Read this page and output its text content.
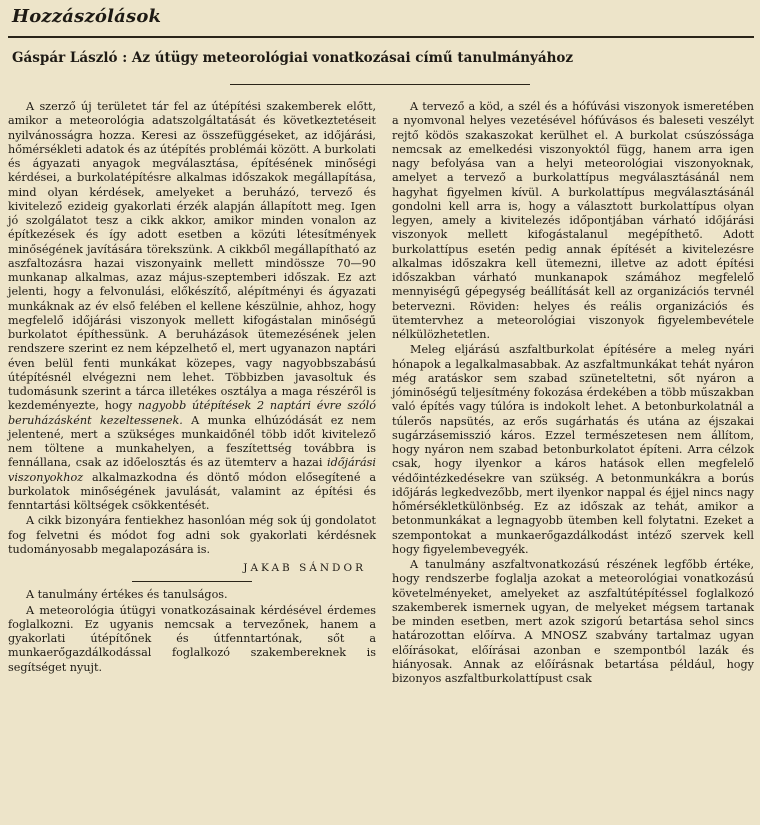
Hozzászólások
Gáspár László : Az útügy meteorológiai vonatkozásai című tanulmányához

A szerző új területet tár fel az útépítési szakemberek előtt, amikor a meteorológia adatszolgáltatását és következtetéseit nyilvánosságra hozza. Keresi az összefüggéseket, az időjárási, hőmérsékleti adatok és az útépítés problémái között. A burkolati és ágyazati anyagok megválasztása, építésének minőségi kérdései, a burkolatépítésre alkalmas időszakok megállapítása, mind olyan kérdések, amelyeket a beruházó, tervező és kivitelező ezideig gyakorlati érzék alapján állapított meg. Igen jó szolgálatot tesz a cikk akkor, amikor minden vonalon az építkezések és így adott esetben a közúti létesítmények minőségének javítására törekszünk. A cikkből megállapítható az aszfaltozásra hazai viszonyaink mellett mindössze 70—90 munkanap alkalmas, azaz május-szeptemberi időszak. Ez azt jelenti, hogy a felvonulási, előkészítő, alépítményi és ágyazati munkáknak az év első felében el kellene készülnie, ahhoz, hogy megfelelő időjárási viszonyok mellett kifogástalan minőségű burkolatot építhessünk. A beruházások ütemezésének jelen rendszere szerint ez nem képzelhető el, mert ugyanazon naptári éven belül fenti munkákat közepes, vagy nagyobbszabású útépítésnél elvégezni nem lehet. Többizben javasoltuk és tudomásunk szerint a tárca illetékes osztálya a maga részéről is kezdeményezte, hogy nagyobb útépítések 2 naptári évre szóló beruházásként kezeltessenek. A munka elhúzódását ez nem jelentené, mert a szükséges munkaidőnél több időt kivitelező nem töltene a munkahelyen, a feszítettség továbbra is fennállana, csak az időelosztás és az ütemterv a hazai időjárási viszonyokhoz alkalmazkodna és döntő módon elősegítené a burkolatok minőségének javulását, valamint az építési és fenntartási költségek csökkentését.

A cikk bizonyára fentiekhez hasonlóan még sok új gondolatot fog felvetni és módot fog adni sok gyakorlati kérdésnek tudományosabb megalapozására is.

JAKAB SÁNDOR

A tanulmány értékes és tanulságos.

A meteorológia útügyi vonatkozásainak kérdésével érdemes foglalkozni. Ez ugyanis nemcsak a tervezőnek, hanem a gyakorlati útépítőnek és útfenntartónak, sőt a munkaerőgazdálkodással foglalkozó szakembereknek is segítséget nyujt.

A tervező a köd, a szél és a hófúvási viszonyok ismeretében a nyomvonal helyes vezetésével hófúvásos és baleseti veszélyt rejtő ködös szakaszokat kerülhet el. A burkolat csúszóssága nemcsak az emelkedési viszonyoktól függ, hanem arra igen nagy befolyása van a helyi meteorológiai viszonyoknak, amelyet a tervező a burkolattípus megválasztásánál nem hagyhat figyelmen kívül. A burkolattípus megválasztásánál gondolni kell arra is, hogy a választott burkolattípus olyan legyen, amely a kivitelezés időpontjában várható időjárási viszonyok mellett kifogástalanul megépíthető. Adott burkolattípus esetén pedig annak építését a kivitelezésre alkalmas időszakra kell ütemezni, illetve az adott építési időszakban várható munkanapok számához megfelelő mennyiségű gépegység beállítását kell az organizációs tervnél betervezni. Röviden: helyes és reális organizációs és ütemtervhez a meteorológiai viszonyok figyelembevétele nélkülözhetetlen.

Meleg eljárású aszfaltburkolat építésére a meleg nyári hónapok a legalkalmasabbak. Az aszfaltmunkákat tehát nyáron még aratáskor sem szabad szüneteltetni, sőt nyáron a jóminőségű teljesítmény fokozása érdekében a több műszakban való építés vagy túlóra is indokolt lehet. A betonburkolatnál a túlerős napsütés, az erős sugárhatás és utána az éjszakai sugárzásemisszió káros. Ezzel természetesen nem állítom, hogy nyáron nem szabad betonburkolatot építeni. Arra célzok csak, hogy ilyenkor a káros hatások ellen megfelelő védőintézkedésekre van szükség. A betonmunkákra a borús időjárás legkedvezőbb, mert ilyenkor nappal és éjjel nincs nagy hőmérsékletkülönbség. Ez az időszak az tehát, amikor a betonmunkákat a legnagyobb ütemben kell folytatni. Ezeket a szempontokat a munkaerőgazdálkodást intéző szervek kell hogy figyelembevegyék.

A tanulmány aszfaltvonatkozású részének legfőbb értéke, hogy rendszerbe foglalja azokat a meteorológiai vonatkozású követelményeket, amelyeket az aszfaltútépítéssel foglalkozó szakemberek ismernek ugyan, de melyeket mégsem tartanak be minden esetben, mert azok szigorú betartása sehol sincs határozottan előírva. A MNOSZ szabvány tartalmaz ugyan előírásokat, előírásai azonban e szempontból lazák és hiányosak. Annak az előírásnak betartása például, hogy bizonyos aszfaltburkolattípust csak
